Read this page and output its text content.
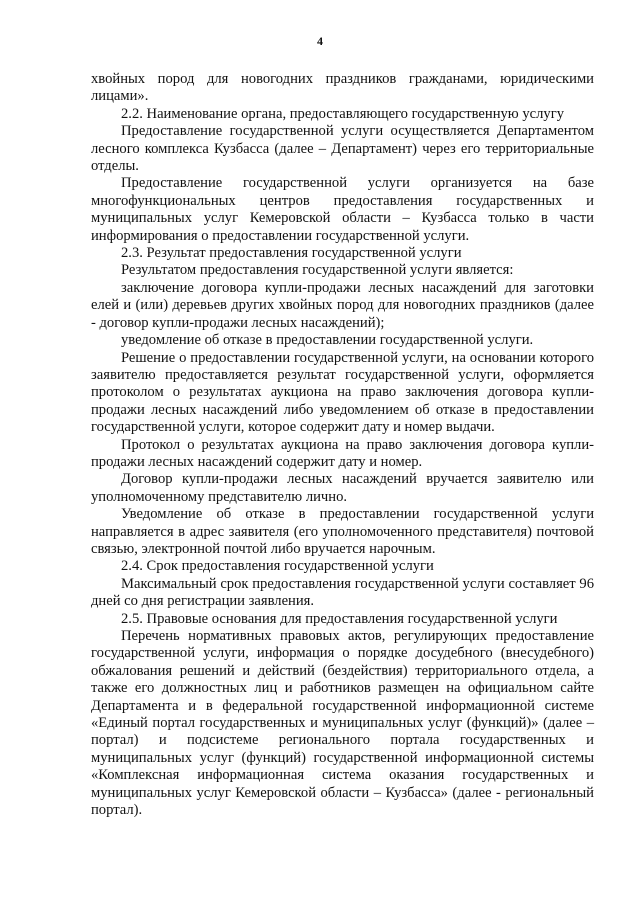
4

хвойных пород для новогодних праздников гражданами, юридическими лицами».

2.2. Наименование органа, предоставляющего государственную услугу

Предоставление государственной услуги осуществляется Департаментом лесного комплекса Кузбасса (далее – Департамент) через его территориальные отделы.

Предоставление государственной услуги организуется на базе многофункциональных центров предоставления государственных и муниципальных услуг Кемеровской области – Кузбасса только в части информирования о предоставлении государственной услуги.

2.3. Результат предоставления государственной услуги

Результатом предоставления государственной услуги является:

заключение договора купли-продажи лесных насаждений для заготовки елей и (или) деревьев других хвойных пород для новогодних праздников (далее - договор купли-продажи лесных насаждений);

уведомление об отказе в предоставлении государственной услуги.

Решение о предоставлении государственной услуги, на основании которого заявителю предоставляется результат государственной услуги, оформляется протоколом о результатах аукциона на право заключения договора купли-продажи лесных насаждений либо уведомлением об отказе в предоставлении государственной услуги, которое содержит дату и номер выдачи.

Протокол о результатах аукциона на право заключения договора купли-продажи лесных насаждений содержит дату и номер.

Договор купли-продажи лесных насаждений вручается заявителю или уполномоченному представителю лично.

Уведомление об отказе в предоставлении государственной услуги направляется в адрес заявителя (его уполномоченного представителя) почтовой связью, электронной почтой либо вручается нарочным.

2.4. Срок предоставления государственной услуги

Максимальный срок предоставления государственной услуги составляет 96 дней со дня регистрации заявления.

2.5. Правовые основания для предоставления государственной услуги

Перечень нормативных правовых актов, регулирующих предоставление государственной услуги, информация о порядке досудебного (внесудебного) обжалования решений и действий (бездействия) территориального отдела, а также его должностных лиц и работников размещен на официальном сайте Департамента и в федеральной государственной информационной системе «Единый портал государственных и муниципальных услуг (функций)» (далее – портал) и подсистеме регионального портала государственных и муниципальных услуг (функций) государственной информационной системы «Комплексная информационная система оказания государственных и муниципальных услуг Кемеровской области – Кузбасса» (далее - региональный портал).
